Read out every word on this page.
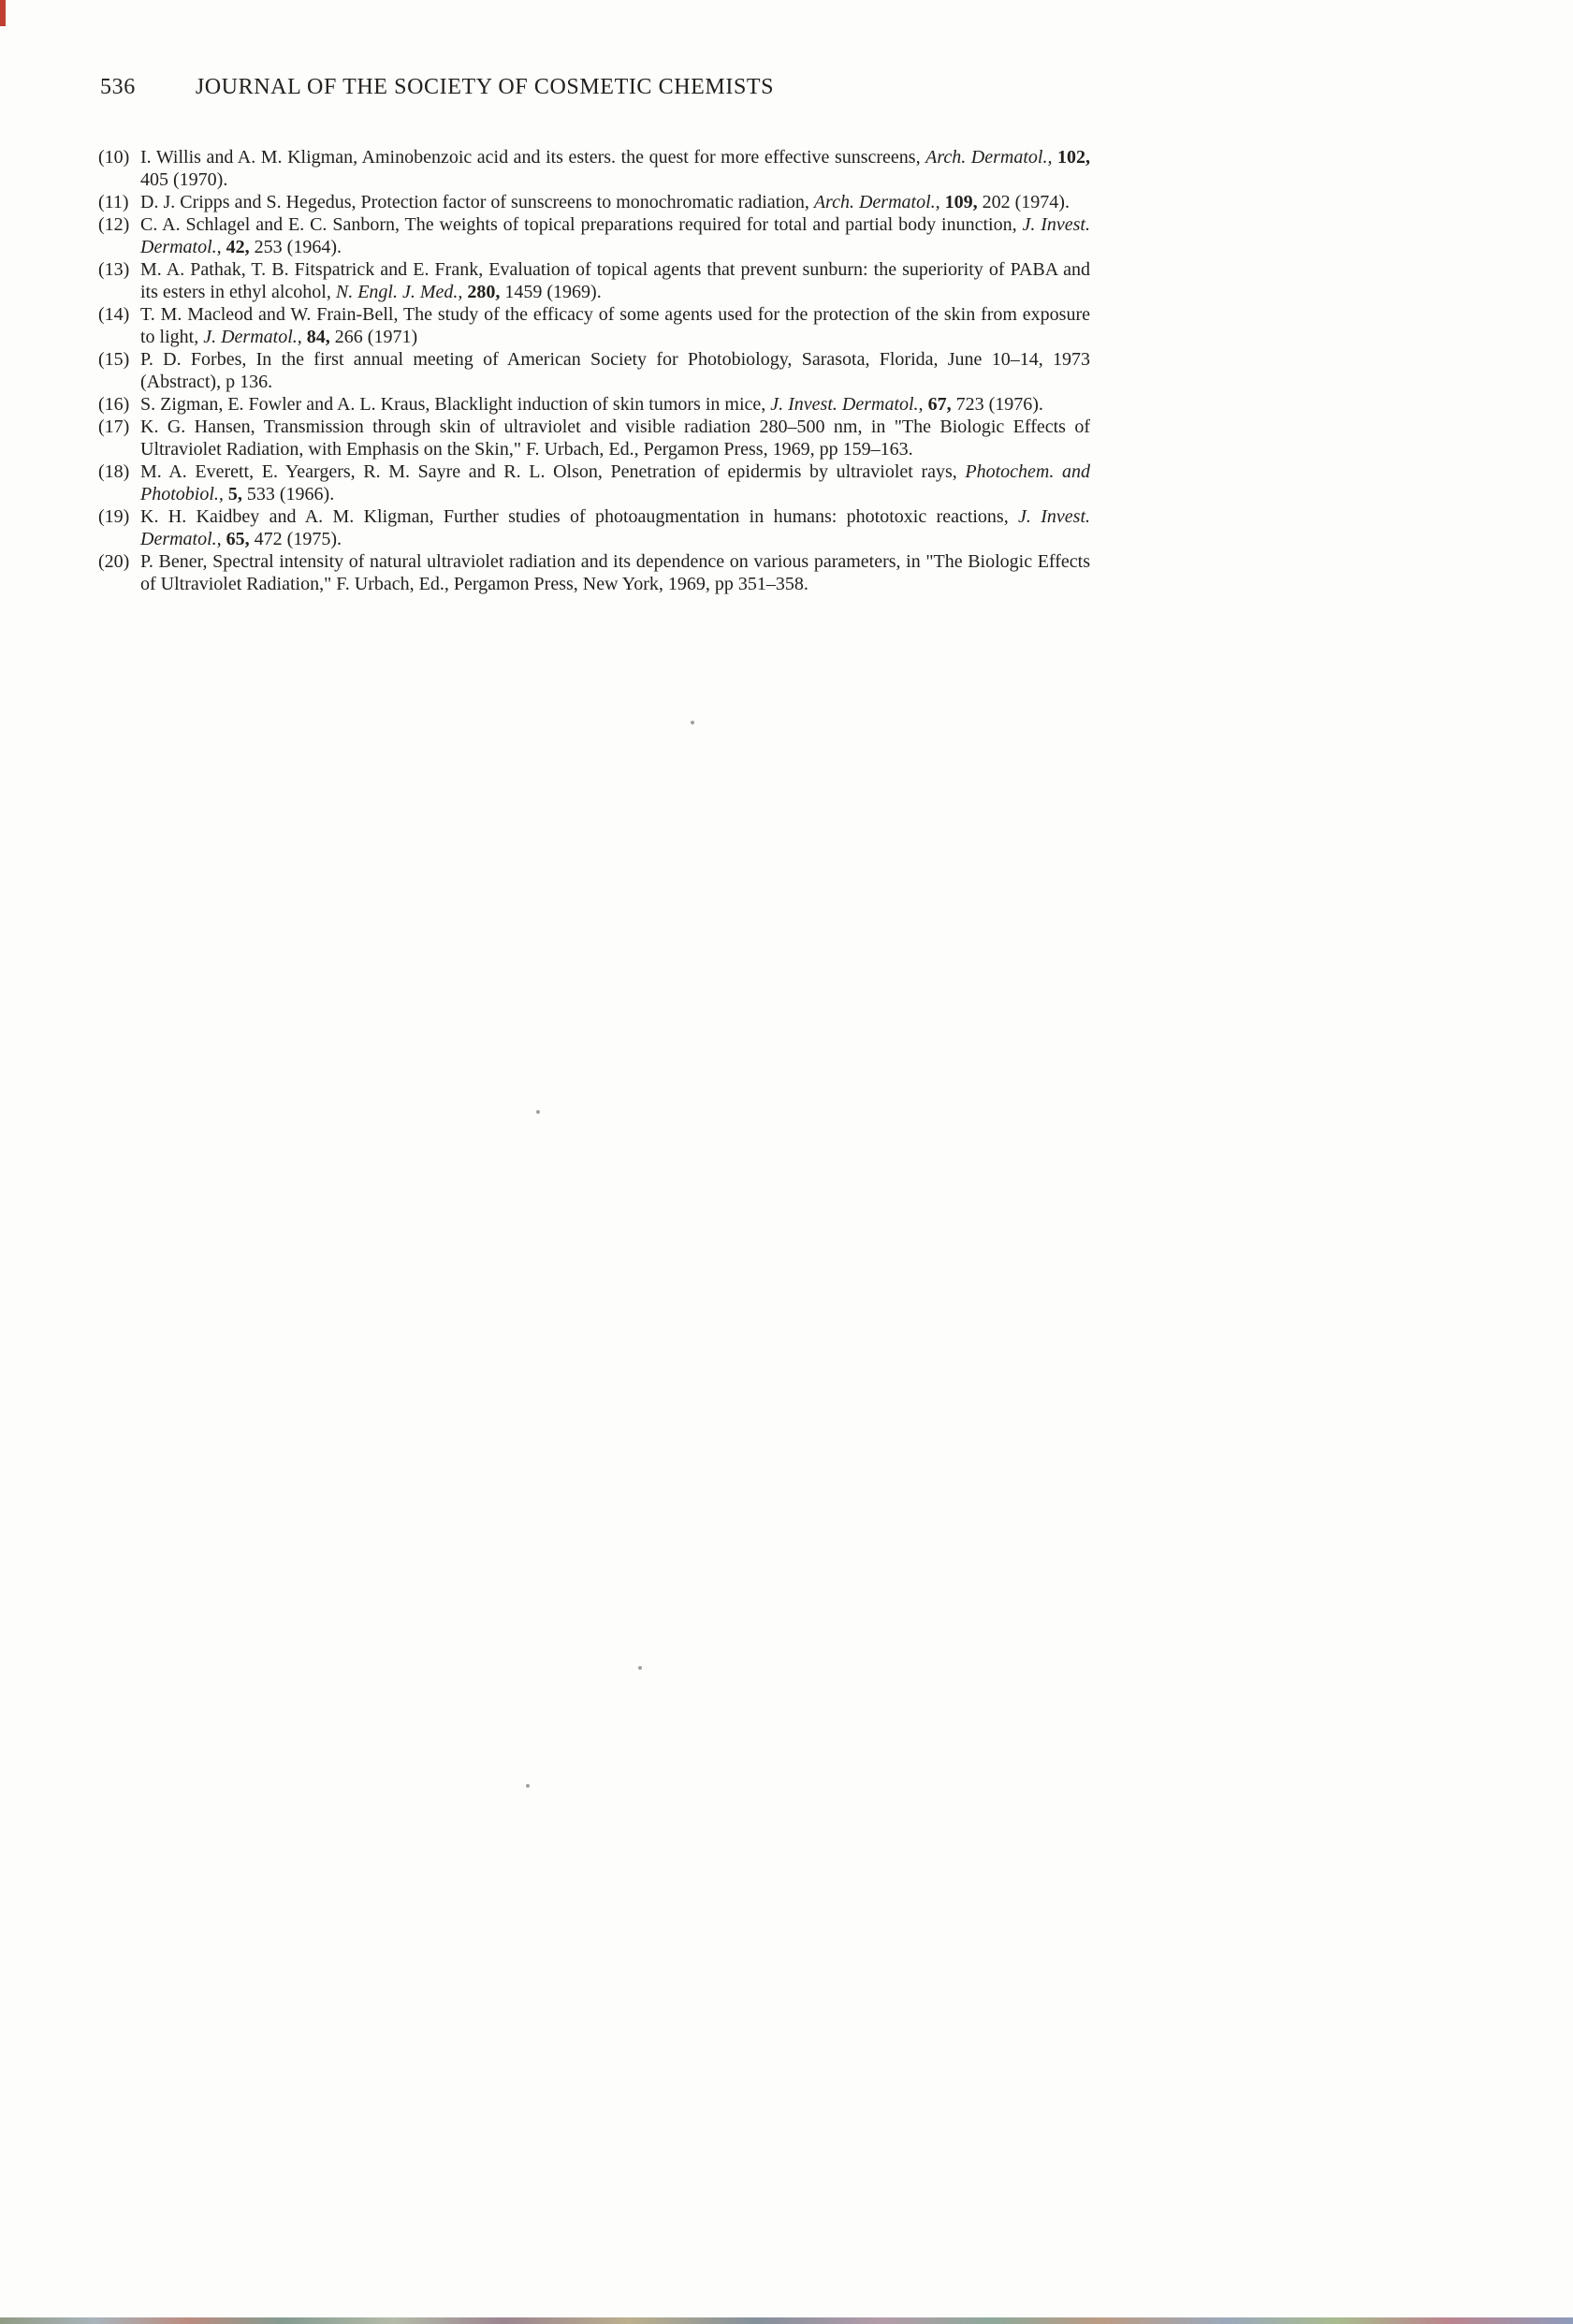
536	JOURNAL OF THE SOCIETY OF COSMETIC CHEMISTS

(10) I. Willis and A. M. Kligman, Aminobenzoic acid and its esters. the quest for more effective sunscreens, Arch. Dermatol., 102, 405 (1970).

(11) D. J. Cripps and S. Hegedus, Protection factor of sunscreens to monochromatic radiation, Arch. Dermatol., 109, 202 (1974).

(12) C. A. Schlagel and E. C. Sanborn, The weights of topical preparations required for total and partial body inunction, J. Invest. Dermatol., 42, 253 (1964).

(13) M. A. Pathak, T. B. Fitspatrick and E. Frank, Evaluation of topical agents that prevent sunburn: the superiority of PABA and its esters in ethyl alcohol, N. Engl. J. Med., 280, 1459 (1969).

(14) T. M. Macleod and W. Frain-Bell, The study of the efficacy of some agents used for the protection of the skin from exposure to light, J. Dermatol., 84, 266 (1971)

(15) P. D. Forbes, In the first annual meeting of American Society for Photobiology, Sarasota, Florida, June 10–14, 1973 (Abstract), p 136.

(16) S. Zigman, E. Fowler and A. L. Kraus, Blacklight induction of skin tumors in mice, J. Invest. Dermatol., 67, 723 (1976).

(17) K. G. Hansen, Transmission through skin of ultraviolet and visible radiation 280–500 nm, in "The Biologic Effects of Ultraviolet Radiation, with Emphasis on the Skin," F. Urbach, Ed., Pergamon Press, 1969, pp 159–163.

(18) M. A. Everett, E. Yeargers, R. M. Sayre and R. L. Olson, Penetration of epidermis by ultraviolet rays, Photochem. and Photobiol., 5, 533 (1966).

(19) K. H. Kaidbey and A. M. Kligman, Further studies of photoaugmentation in humans: phototoxic reactions, J. Invest. Dermatol., 65, 472 (1975).

(20) P. Bener, Spectral intensity of natural ultraviolet radiation and its dependence on various parameters, in "The Biologic Effects of Ultraviolet Radiation," F. Urbach, Ed., Pergamon Press, New York, 1969, pp 351–358.
